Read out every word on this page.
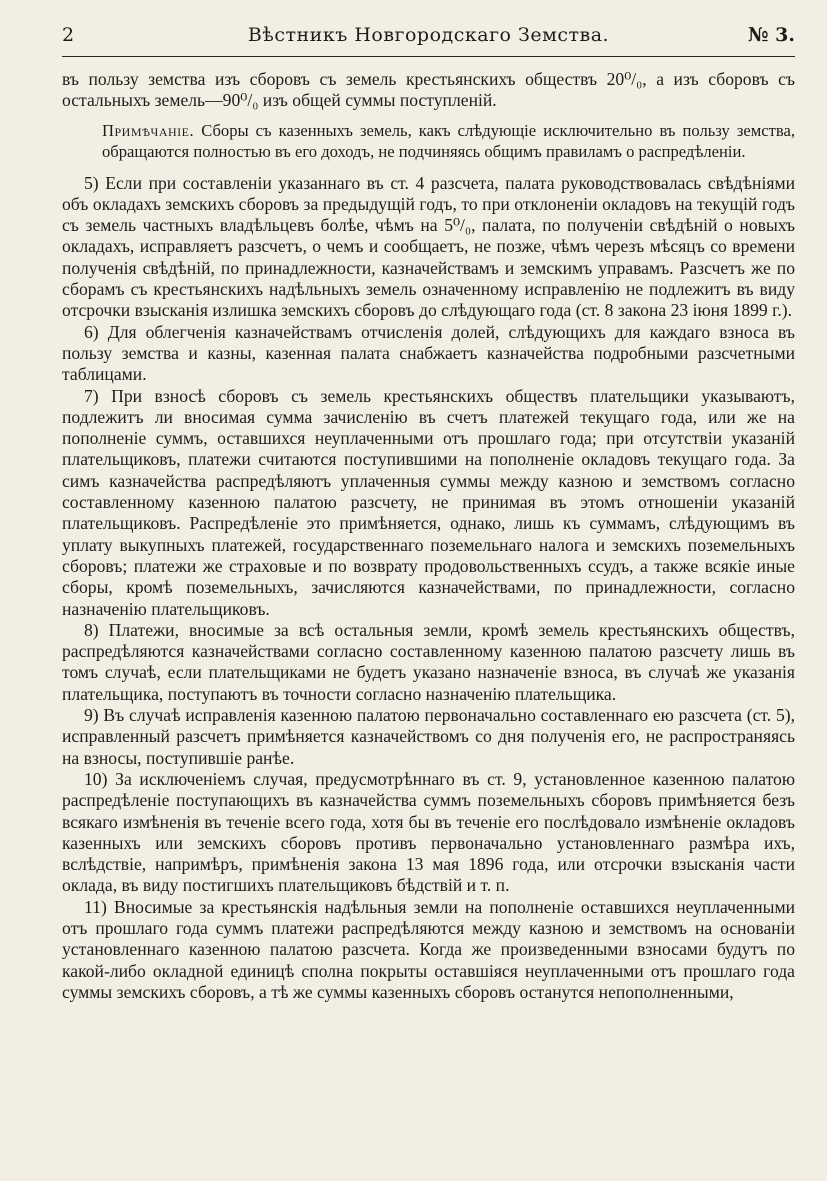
2	Вѣстникъ Новгородскаго Земства.	№ 3.

въ пользу земства изъ сборовъ съ земель крестьянскихъ обществъ 20⁰/₀, а изъ сборовъ съ остальныхъ земель—90⁰/₀ изъ общей суммы поступленій.

Примѣчаніе. Сборы съ казенныхъ земель, какъ слѣдующіе исключительно въ пользу земства, обращаются полностью въ его доходъ, не подчиняясь общимъ правиламъ о распредѣленіи.

5) Если при составленіи указаннаго въ ст. 4 разсчета, палата руководствовалась свѣдѣніями объ окладахъ земскихъ сборовъ за предыдущій годъ, то при отклоненіи окладовъ на текущій годъ съ земель частныхъ владѣльцевъ болѣе, чѣмъ на 5⁰/₀, палата, по полученіи свѣдѣній о новыхъ окладахъ, исправляетъ разсчетъ, о чемъ и сообщаетъ, не позже, чѣмъ черезъ мѣсяцъ со времени полученія свѣдѣній, по принадлежности, казначействамъ и земскимъ управамъ. Разсчетъ же по сборамъ съ крестьянскихъ надѣльныхъ земель означенному исправленію не подлежитъ въ виду отсрочки взысканія излишка земскихъ сборовъ до слѣдующаго года (ст. 8 закона 23 іюня 1899 г.).

6) Для облегченія казначействамъ отчисленія долей, слѣдующихъ для каждаго взноса въ пользу земства и казны, казенная палата снабжаетъ казначейства подробными разсчетными таблицами.

7) При взносѣ сборовъ съ земель крестьянскихъ обществъ плательщики указываютъ, подлежитъ ли вносимая сумма зачисленію въ счетъ платежей текущаго года, или же на пополненіе суммъ, оставшихся неуплаченными отъ прошлаго года; при отсутствіи указаній плательщиковъ, платежи считаются поступившими на пополненіе окладовъ текущаго года. За симъ казначейства распредѣляютъ уплаченныя суммы между казною и земствомъ согласно составленному казенною палатою разсчету, не принимая въ этомъ отношеніи указаній плательщиковъ. Распредѣленіе это примѣняется, однако, лишь къ суммамъ, слѣдующимъ въ уплату выкупныхъ платежей, государственнаго поземельнаго налога и земскихъ поземельныхъ сборовъ; платежи же страховые и по возврату продовольственныхъ ссудъ, а также всякіе иные сборы, кромѣ поземельныхъ, зачисляются казначействами, по принадлежности, согласно назначенію плательщиковъ.

8) Платежи, вносимые за всѣ остальныя земли, кромѣ земель крестьянскихъ обществъ, распредѣляются казначействами согласно составленному казенною палатою разсчету лишь въ томъ случаѣ, если плательщиками не будетъ указано назначеніе взноса, въ случаѣ же указанія плательщика, поступаютъ въ точности согласно назначенію плательщика.

9) Въ случаѣ исправленія казенною палатою первоначально составленнаго ею разсчета (ст. 5), исправленный разсчетъ примѣняется казначействомъ со дня полученія его, не распространяясь на взносы, поступившіе ранѣе.

10) За исключеніемъ случая, предусмотрѣннаго въ ст. 9, установленное казенною палатою распредѣленіе поступающихъ въ казначейства суммъ поземельныхъ сборовъ примѣняется безъ всякаго измѣненія въ теченіе всего года, хотя бы въ теченіе его послѣдовало измѣненіе окладовъ казенныхъ или земскихъ сборовъ противъ первоначально установленнаго размѣра ихъ, вслѣдствіе, напримѣръ, примѣненія закона 13 мая 1896 года, или отсрочки взысканія части оклада, въ виду постигшихъ плательщиковъ бѣдствій и т. п.

11) Вносимые за крестьянскія надѣльныя земли на пополненіе оставшихся неуплаченными отъ прошлаго года суммъ платежи распредѣляются между казною и земствомъ на основаніи установленнаго казенною палатою разсчета. Когда же произведенными взносами будутъ по какой-либо окладной единицѣ сполна покрыты оставшіяся неуплаченными отъ прошлаго года суммы земскихъ сборовъ, а тѣ же суммы казенныхъ сборовъ останутся непополненными,
